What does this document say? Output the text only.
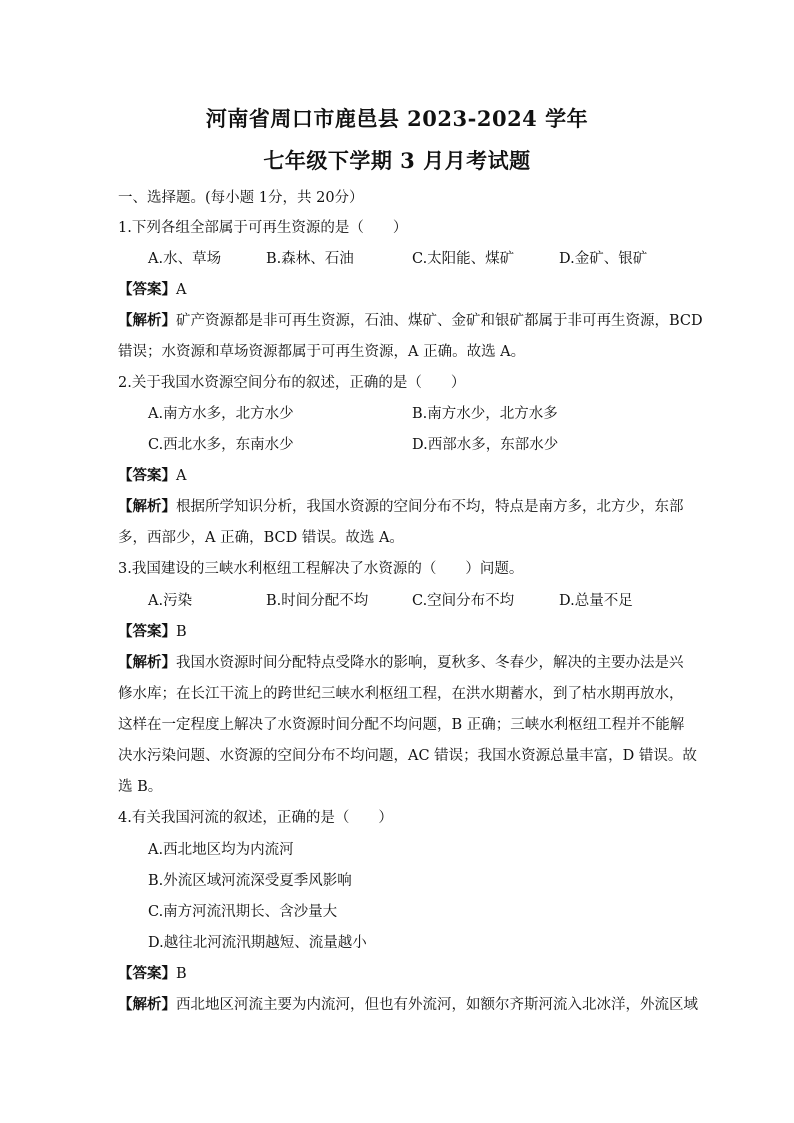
河南省周口市鹿邑县 2023-2024 学年
七年级下学期 3 月月考试题
一、选择题。(每小题 1分，共 20分）
1.下列各组全部属于可再生资源的是（　　）
A.水、草场	B.森林、石油	C.太阳能、煤矿	D.金矿、银矿
【答案】A
【解析】矿产资源都是非可再生资源，石油、煤矿、金矿和银矿都属于非可再生资源，BCD
错误；水资源和草场资源都属于可再生资源，A 正确。故选 A。
2.关于我国水资源空间分布的叙述，正确的是（　　）
A.南方水多，北方水少	B.南方水少，北方水多
C.西北水多，东南水少	D.西部水多，东部水少
【答案】A
【解析】根据所学知识分析，我国水资源的空间分布不均，特点是南方多，北方少，东部
多，西部少，A 正确，BCD 错误。故选 A。
3.我国建设的三峡水利枢纽工程解决了水资源的（　　）问题。
A.污染	B.时间分配不均	C.空间分布不均	D.总量不足
【答案】B
【解析】我国水资源时间分配特点受降水的影响，夏秋多、冬春少，解决的主要办法是兴
修水库；在长江干流上的跨世纪三峡水利枢纽工程，在洪水期蓄水，到了枯水期再放水，
这样在一定程度上解决了水资源时间分配不均问题，B 正确；三峡水利枢纽工程并不能解
决水污染问题、水资源的空间分布不均问题，AC 错误；我国水资源总量丰富，D 错误。故
选 B。
4.有关我国河流的叙述，正确的是（　　）
A.西北地区均为内流河
B.外流区域河流深受夏季风影响
C.南方河流汛期长、含沙量大
D.越往北河流汛期越短、流量越小
【答案】B
【解析】西北地区河流主要为内流河，但也有外流河，如额尔齐斯河流入北冰洋，外流区域
